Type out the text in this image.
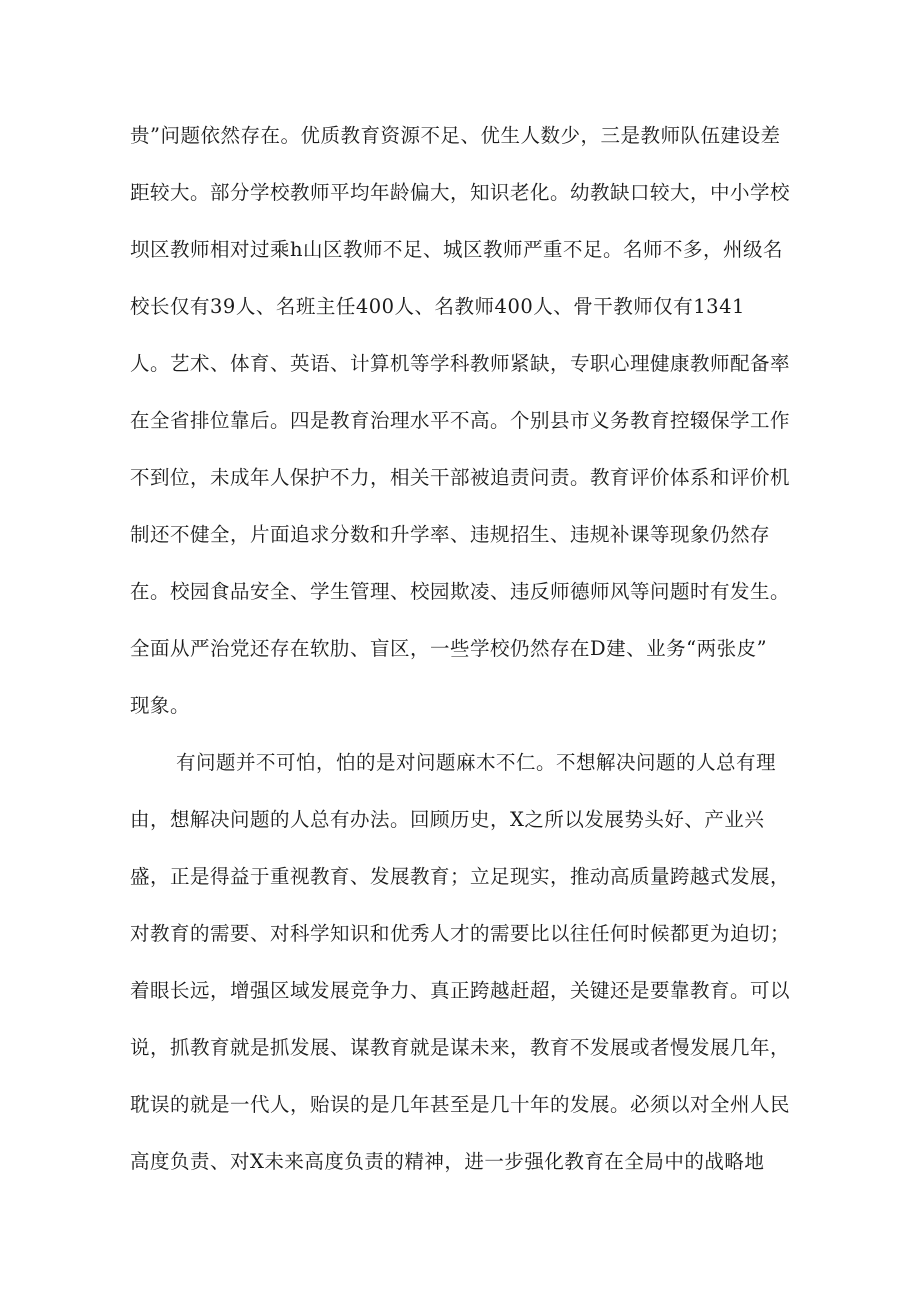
贵”问题依然存在。优质教育资源不足、优生人数少，三是教师队伍建设差
距较大。部分学校教师平均年龄偏大，知识老化。幼教缺口较大，中小学校
坝区教师相对过乘h山区教师不足、城区教师严重不足。名师不多，州级名
校长仅有39人、名班主任400人、名教师400人、骨干教师仅有1341
人。艺术、体育、英语、计算机等学科教师紧缺，专职心理健康教师配备率
在全省排位靠后。四是教育治理水平不高。个别县市义务教育控辍保学工作
不到位，未成年人保护不力，相关干部被追责问责。教育评价体系和评价机
制还不健全，片面追求分数和升学率、违规招生、违规补课等现象仍然存
在。校园食品安全、学生管理、校园欺凌、违反师德师风等问题时有发生。
全面从严治党还存在软肋、盲区，一些学校仍然存在D建、业务“两张皮”
现象。
有问题并不可怕，怕的是对问题麻木不仁。不想解决问题的人总有理
由，想解决问题的人总有办法。回顾历史，X之所以发展势头好、产业兴
盛，正是得益于重视教育、发展教育；立足现实，推动高质量跨越式发展，
对教育的需要、对科学知识和优秀人才的需要比以往任何时候都更为迫切；
着眼长远，增强区域发展竞争力、真正跨越赶超，关键还是要靠教育。可以
说，抓教育就是抓发展、谋教育就是谋未来，教育不发展或者慢发展几年，
耽误的就是一代人，贻误的是几年甚至是几十年的发展。必须以对全州人民
高度负责、对X未来高度负责的精神，进一步强化教育在全局中的战略地
